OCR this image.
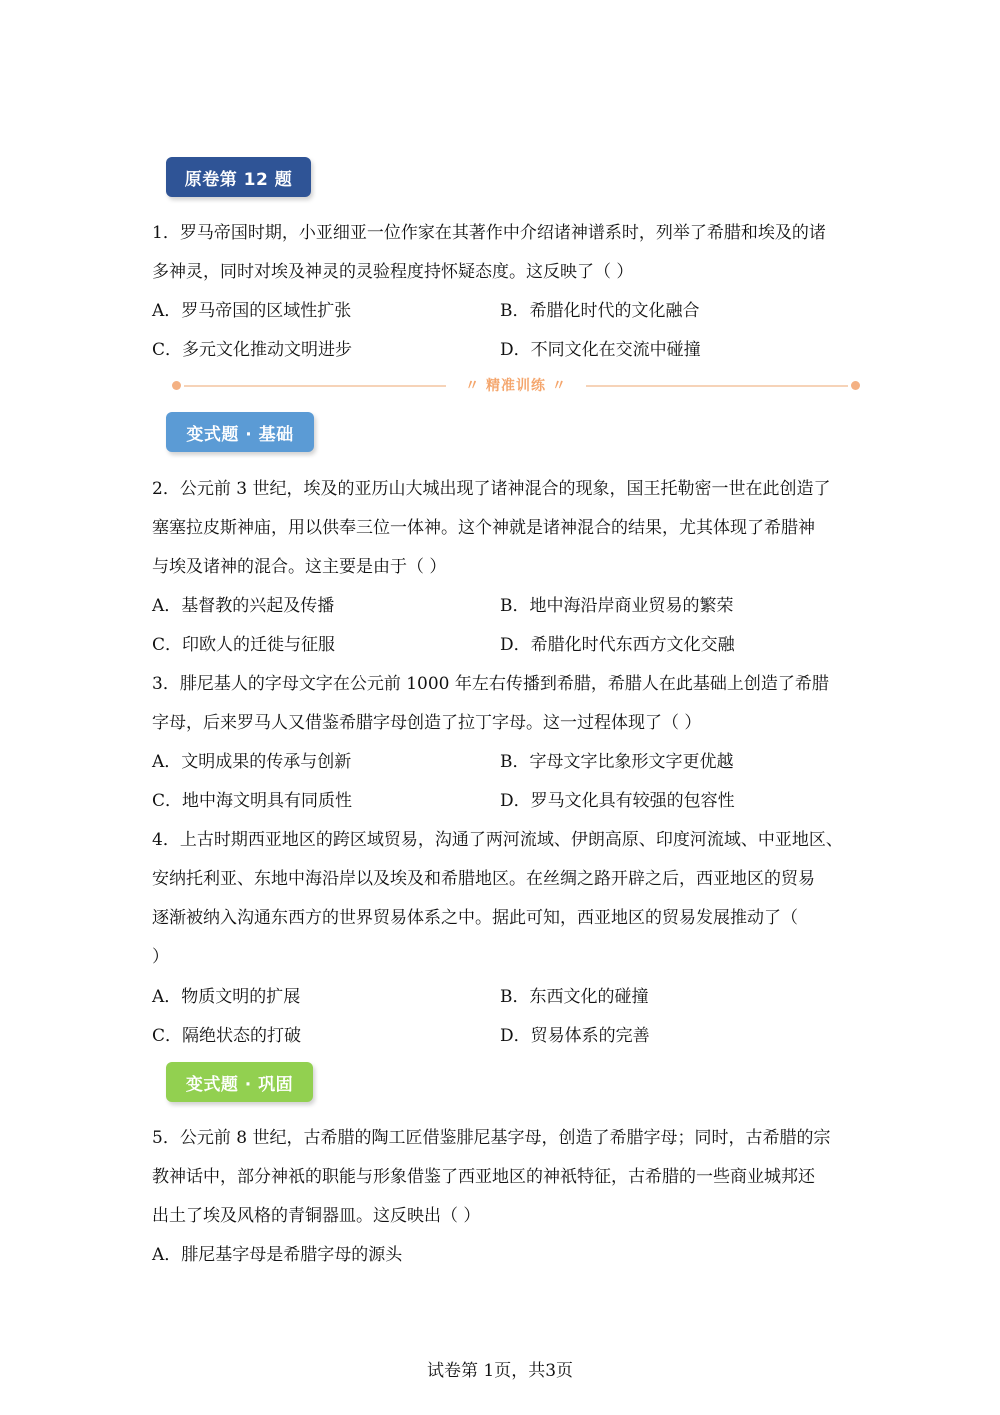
原卷第 12 题
变式题 · 基础
变式题 · 巩固
1．罗马帝国时期，小亚细亚一位作家在其著作中介绍诸神谱系时，列举了希腊和埃及的诸
多神灵，同时对埃及神灵的灵验程度持怀疑态度。这反映了（ ）
A．罗马帝国的区域性扩张	B．希腊化时代的文化融合
C．多元文化推动文明进步	D．不同文化在交流中碰撞
〃 精准训练 〃
2．公元前 3 世纪，埃及的亚历山大城出现了诸神混合的现象，国王托勒密一世在此创造了
塞塞拉皮斯神庙，用以供奉三位一体神。这个神就是诸神混合的结果，尤其体现了希腊神
与埃及诸神的混合。这主要是由于（ ）
A．基督教的兴起及传播	B．地中海沿岸商业贸易的繁荣
C．印欧人的迁徙与征服	D．希腊化时代东西方文化交融
3．腓尼基人的字母文字在公元前 1000 年左右传播到希腊，希腊人在此基础上创造了希腊
字母，后来罗马人又借鉴希腊字母创造了拉丁字母。这一过程体现了（ ）
A．文明成果的传承与创新	B．字母文字比象形文字更优越
C．地中海文明具有同质性	D．罗马文化具有较强的包容性
4．上古时期西亚地区的跨区域贸易，沟通了两河流域、伊朗高原、印度河流域、中亚地区、
安纳托利亚、东地中海沿岸以及埃及和希腊地区。在丝绸之路开辟之后，西亚地区的贸易
逐渐被纳入沟通东西方的世界贸易体系之中。据此可知，西亚地区的贸易发展推动了（
）
A．物质文明的扩展	B．东西文化的碰撞
C．隔绝状态的打破	D．贸易体系的完善
5．公元前 8 世纪，古希腊的陶工匠借鉴腓尼基字母，创造了希腊字母；同时，古希腊的宗
教神话中，部分神祇的职能与形象借鉴了西亚地区的神祇特征，古希腊的一些商业城邦还
出土了埃及风格的青铜器皿。这反映出（ ）
A．腓尼基字母是希腊字母的源头
试卷第 1页，共3页
